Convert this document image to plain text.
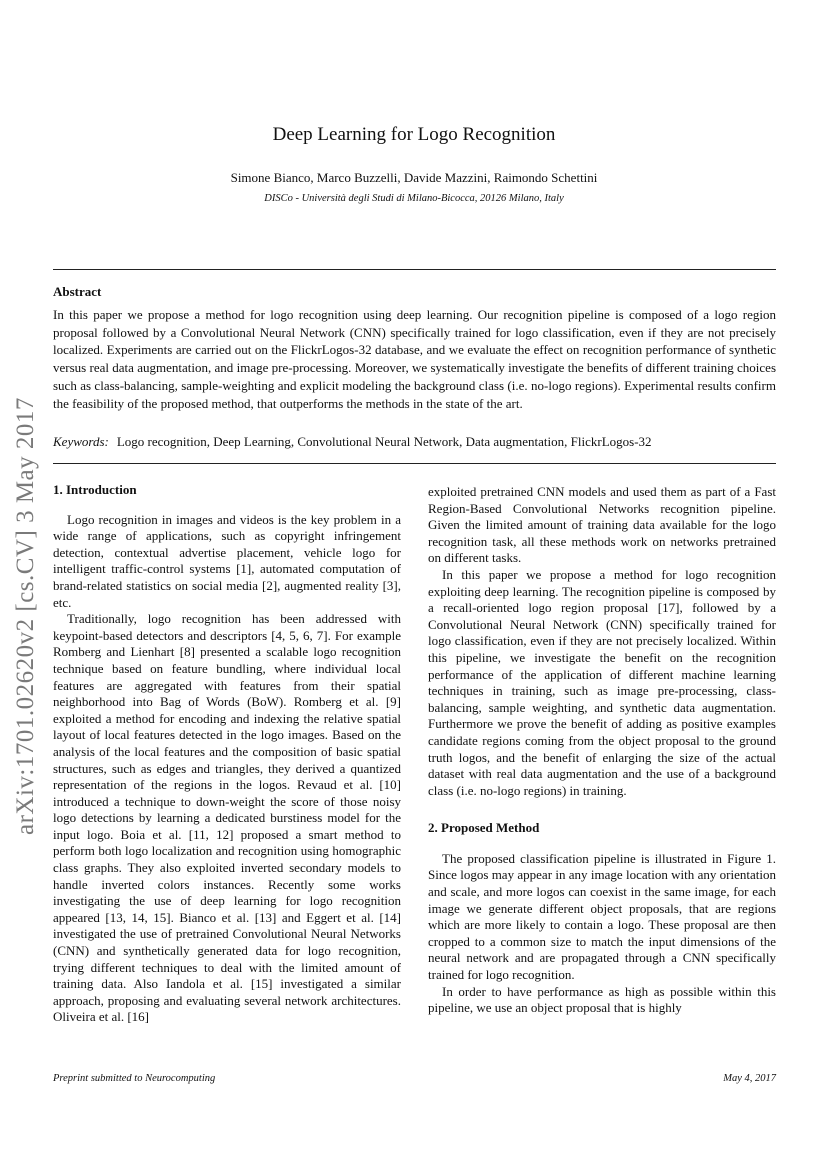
arXiv:1701.02620v2 [cs.CV] 3 May 2017
Deep Learning for Logo Recognition
Simone Bianco, Marco Buzzelli, Davide Mazzini, Raimondo Schettini
DISCo - Università degli Studi di Milano-Bicocca, 20126 Milano, Italy
Abstract

In this paper we propose a method for logo recognition using deep learning. Our recognition pipeline is composed of a logo region proposal followed by a Convolutional Neural Network (CNN) specifically trained for logo classification, even if they are not precisely localized. Experiments are carried out on the FlickrLogos-32 database, and we evaluate the effect on recognition performance of synthetic versus real data augmentation, and image pre-processing. Moreover, we systematically investigate the benefits of different training choices such as class-balancing, sample-weighting and explicit modeling the background class (i.e. no-logo regions). Experimental results confirm the feasibility of the proposed method, that outperforms the methods in the state of the art.

Keywords: Logo recognition, Deep Learning, Convolutional Neural Network, Data augmentation, FlickrLogos-32
1. Introduction

Logo recognition in images and videos is the key problem in a wide range of applications, such as copyright infringement detection, contextual advertise placement, vehicle logo for intelligent traffic-control systems [1], automated computation of brand-related statistics on social media [2], augmented reality [3], etc.

Traditionally, logo recognition has been addressed with keypoint-based detectors and descriptors [4, 5, 6, 7]. For example Romberg and Lienhart [8] presented a scalable logo recognition technique based on feature bundling, where individual local features are aggregated with features from their spatial neighborhood into Bag of Words (BoW). Romberg et al. [9] exploited a method for encoding and indexing the relative spatial layout of local features detected in the logo images. Based on the analysis of the local features and the composition of basic spatial structures, such as edges and triangles, they derived a quantized representation of the regions in the logos. Revaud et al. [10] introduced a technique to down-weight the score of those noisy logo detections by learning a dedicated burstiness model for the input logo. Boia et al. [11, 12] proposed a smart method to perform both logo localization and recognition using homographic class graphs. They also exploited inverted secondary models to handle inverted colors instances. Recently some works investigating the use of deep learning for logo recognition appeared [13, 14, 15]. Bianco et al. [13] and Eggert et al. [14] investigated the use of pretrained Convolutional Neural Networks (CNN) and synthetically generated data for logo recognition, trying different techniques to deal with the limited amount of training data. Also Iandola et al. [15] investigated a similar approach, proposing and evaluating several network architectures. Oliveira et al. [16]

exploited pretrained CNN models and used them as part of a Fast Region-Based Convolutional Networks recognition pipeline. Given the limited amount of training data available for the logo recognition task, all these methods work on networks pretrained on different tasks.

In this paper we propose a method for logo recognition exploiting deep learning. The recognition pipeline is composed by a recall-oriented logo region proposal [17], followed by a Convolutional Neural Network (CNN) specifically trained for logo classification, even if they are not precisely localized. Within this pipeline, we investigate the benefit on the recognition performance of the application of different machine learning techniques in training, such as image pre-processing, class-balancing, sample weighting, and synthetic data augmentation. Furthermore we prove the benefit of adding as positive examples candidate regions coming from the object proposal to the ground truth logos, and the benefit of enlarging the size of the actual dataset with real data augmentation and the use of a background class (i.e. no-logo regions) in training.

2. Proposed Method

The proposed classification pipeline is illustrated in Figure 1. Since logos may appear in any image location with any orientation and scale, and more logos can coexist in the same image, for each image we generate different object proposals, that are regions which are more likely to contain a logo. These proposal are then cropped to a common size to match the input dimensions of the neural network and are propagated through a CNN specifically trained for logo recognition.

In order to have performance as high as possible within this pipeline, we use an object proposal that is highly

Preprint submitted to Neurocomputing	May 4, 2017
